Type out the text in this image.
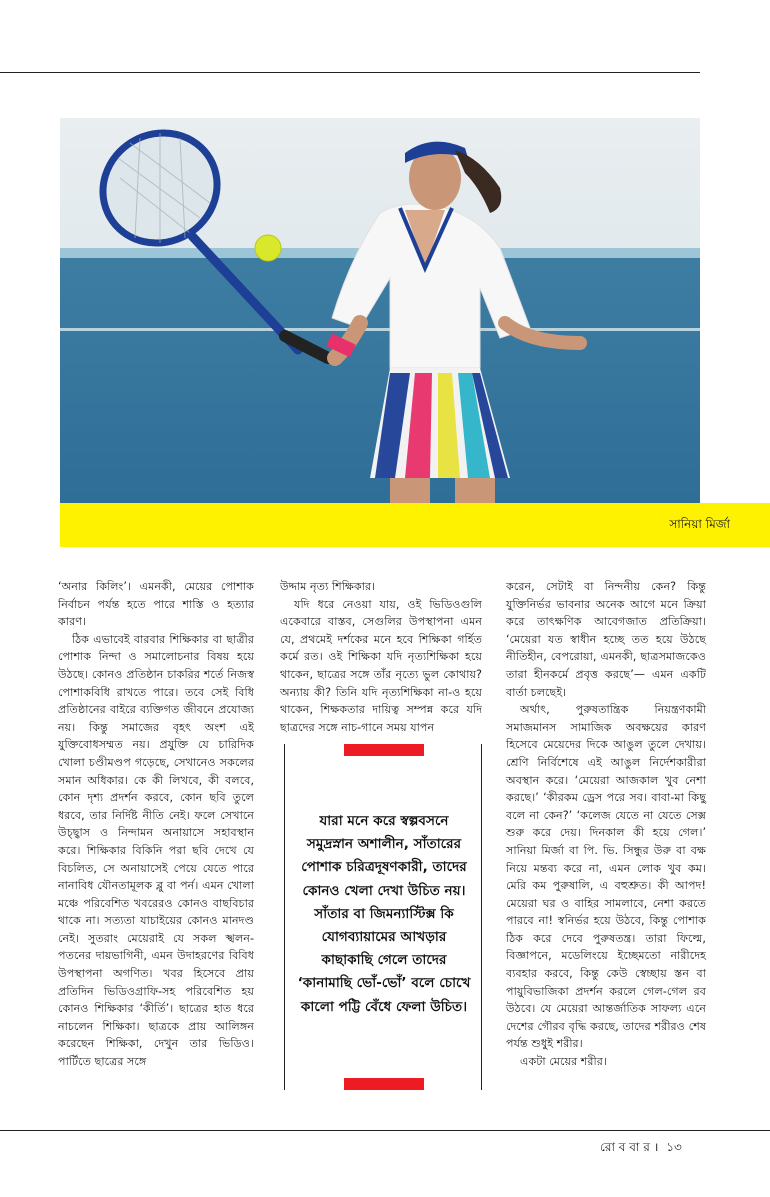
সানিয়া মির্জা

‘অনার কিলিং’। এমনকী, মেয়ের পোশাক নির্বাচন পর্যন্ত হতে পারে শাস্তি ও হত্যার কারণ।

ঠিক এভাবেই বারবার শিক্ষিকার বা ছাত্রীর পোশাক নিন্দা ও সমালোচনার বিষয় হয়ে উঠছে। কোনও প্রতিষ্ঠান চাকরির শর্তে নিজস্ব পোশাকবিধি রাখতে পারে। তবে সেই বিধি প্রতিষ্ঠানের বাইরে ব্যক্তিগত জীবনে প্রযোজ্য নয়। কিন্তু সমাজের বৃহৎ অংশ এই যুক্তিবোধসম্মত নয়। প্রযুক্তি যে চারিদিক খোলা চণ্ডীমণ্ডপ গড়েছে, সেখানেও সকলের সমান অধিকার। কে কী লিখবে, কী বলবে, কোন দৃশ্য প্রদর্শন করবে, কোন ছবি তুলে ধরবে, তার নির্দিষ্ট নীতি নেই। ফলে সেখানে উচ্ছ্বাস ও নিন্দামন অনায়াসে সহাবস্থান করে। শিক্ষিকার বিকিনি পরা ছবি দেখে যে বিচলিত, সে অনায়াসেই পেয়ে যেতে পারে নানাবিধ যৌনতামূলক ব্লু বা পর্ন। এমন খোলা মঞ্চে পরিবেশিত খবরেরও কোনও বাছবিচার থাকে না। সত্যতা যাচাইয়ের কোনও মানদণ্ড নেই। সুতরাং মেয়েরাই যে সকল স্খলন-পতনের দায়ভাগিনী, এমন উদাহরণের বিবিধ উপস্থাপনা অগণিত। খবর হিসেবে প্রায় প্রতিদিন ভিডিওগ্রাফি-সহ পরিবেশিত হয় কোনও শিক্ষিকার ‘কীর্তি’। ছাত্রের হাত ধরে নাচলেন শিক্ষিকা। ছাত্রকে প্রায় আলিঙ্গন করেছেন শিক্ষিকা, দেখুন তার ভিডিও। পার্টিতে ছাত্রের সঙ্গে

উদ্দাম নৃত্য শিক্ষিকার।

যদি ধরে নেওয়া যায়, ওই ভিডিওগুলি একেবারে বাস্তব, সেগুলির উপস্থাপনা এমন যে, প্রথমেই দর্শকের মনে হবে শিক্ষিকা গর্হিত কর্মে রত। ওই শিক্ষিকা যদি নৃত্যশিক্ষিকা হয়ে থাকেন, ছাত্রের সঙ্গে তাঁর নৃত্যে ভুল কোথায়? অন্যায় কী? তিনি যদি নৃত্যশিক্ষিকা না-ও হয়ে থাকেন, শিক্ষকতার দায়িত্ব সম্পন্ন করে যদি ছাত্রদের সঙ্গে নাচ-গানে সময় যাপন

যারা মনে করে স্বল্পবসনে সমুদ্রস্নান অশালীন, সাঁতারের পোশাক চরিত্রদূষণকারী, তাদের কোনও খেলা দেখা উচিত নয়। সাঁতার বা জিমন্যাস্টিক্স কি যোগব্যায়ামের আখড়ার কাছাকাছি গেলে তাদের ‘কানামাছি ভোঁ-ভোঁ’ বলে চোখে কালো পট্টি বেঁধে ফেলা উচিত।

করেন, সেটাই বা নিন্দনীয় কেন? কিন্তু যুক্তিনির্ভর ভাবনার অনেক আগে মনে ক্রিয়া করে তাৎক্ষণিক আবেগজাত প্রতিক্রিয়া। ‘মেয়েরা যত স্বাধীন হচ্ছে তত হয়ে উঠছে নীতিহীন, বেপরোয়া, এমনকী, ছাত্রসমাজকেও তারা হীনকর্মে প্রবৃত্ত করছে’— এমন একটি বার্তা চলছেই।

অর্থাৎ, পুরুষতান্ত্রিক নিয়ন্ত্রণকামী সমাজমানস সামাজিক অবক্ষয়ের কারণ হিসেবে মেয়েদের দিকে আঙুল তুলে দেখায়। শ্রেণি নির্বিশেষে এই আঙুল নির্দেশকারীরা অবস্থান করে। ‘মেয়েরা আজকাল খুব নেশা করছে।’ ‘কীরকম ড্রেস পরে সব। বাবা-মা কিছু বলে না কেন?’ ‘কলেজ যেতে না যেতে সেক্স শুরু করে দেয়। দিনকাল কী হয়ে গেল।’ সানিয়া মির্জা বা পি. ভি. সিন্ধুর উরু বা বক্ষ নিয়ে মন্তব্য করে না, এমন লোক খুব কম। মেরি কম পুরুষালি, এ বহুশ্রুত। কী আপদ! মেয়েরা ঘর ও বাহির সামলাবে, নেশা করতে পারবে না! স্বনির্ভর হয়ে উঠবে, কিন্তু পোশাক ঠিক করে দেবে পুরুষতন্ত্র। তারা ফিল্মে, বিজ্ঞাপনে, মডেলিংয়ে ইচ্ছেমতো নারীদেহ ব্যবহার করবে, কিন্তু কেউ স্বেচ্ছায় স্তন বা পায়ুবিভাজিকা প্রদর্শন করলে গেল-গেল রব উঠবে। যে মেয়েরা আন্তর্জাতিক সাফল্য এনে দেশের গৌরব বৃদ্ধি করছে, তাদের শরীরও শেষ পর্যন্ত শুধুই শরীর।

একটা মেয়ের শরীর।

রো ব বা র । ১৩
